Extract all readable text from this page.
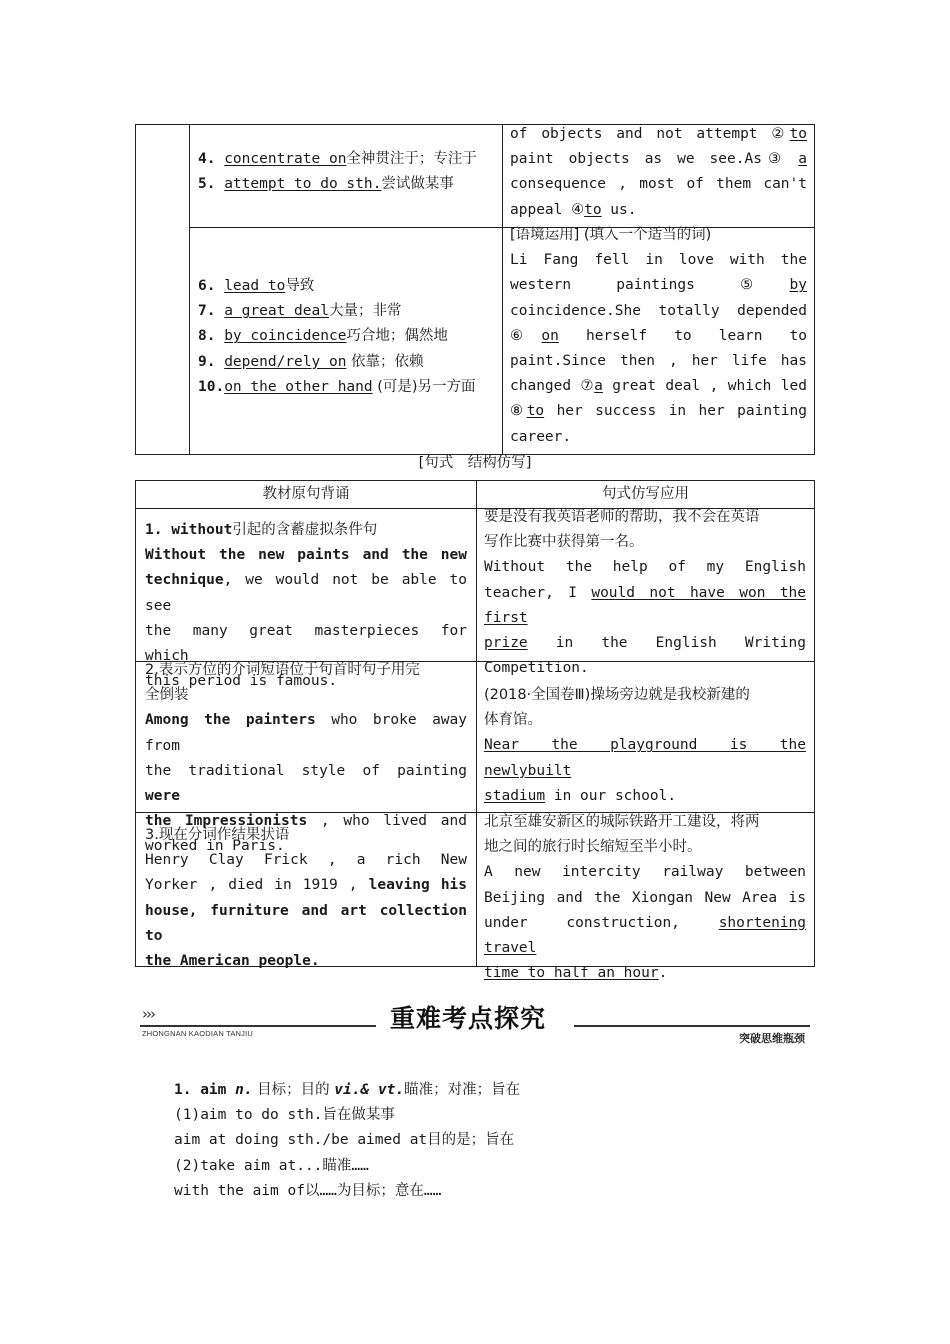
4. concentrate on全神贯注于；专注于
5. attempt to do sth.尝试做某事
of objects and not attempt ②to
paint objects as we see.As③ a
consequence , most of them can't
appeal ④to us.
6. lead to导致
7. a great deal大量；非常
8. by coincidence巧合地；偶然地
9. depend/rely on 依靠；依赖
10.on the other hand (可是)另一方面
[语境运用] (填入一个适当的词)
Li Fang fell in love with the
western paintings ⑤by
coincidence.She totally depended
⑥on herself to learn to
paint.Since then , her life has
changed ⑦a great deal , which led
⑧to her success in her painting
career.
[句式　结构仿写]
教材原句背诵	句式仿写应用
1. without引起的含蓄虚拟条件句
Without the new paints and the new
technique, we would not be able to see
the many great masterpieces for which
this period is famous.
要是没有我英语老师的帮助，我不会在英语
写作比赛中获得第一名。
Without the help of my English
teacher, I would not have won the first
prize in the English Writing
Competition.
2.表示方位的介词短语位于句首时句子用完
全倒装
Among the painters who broke away from
the traditional style of painting were
the Impressionists , who lived and
worked in Paris.
(2018·全国卷Ⅲ)操场旁边就是我校新建的
体育馆。
Near the playground is the newlybuilt
stadium in our school.
3.现在分词作结果状语
Henry Clay Frick , a rich New
Yorker , died in 1919 , leaving his
house, furniture and art collection to
the American people.
北京至雄安新区的城际铁路开工建设，将两
地之间的旅行时长缩短至半小时。
A new intercity railway between
Beijing and the Xiongan New Area is
under construction, shortening travel
time to half an hour.
›››
ZHONGNAN KAODIAN TANJIU
重难考点探究
突破思维瓶颈
1. aim n. 目标；目的 vi.& vt.瞄准；对准；旨在
(1)aim to do sth.旨在做某事
aim at doing sth./be aimed at目的是；旨在
(2)take aim at...瞄准……
with the aim of以……为目标；意在……
